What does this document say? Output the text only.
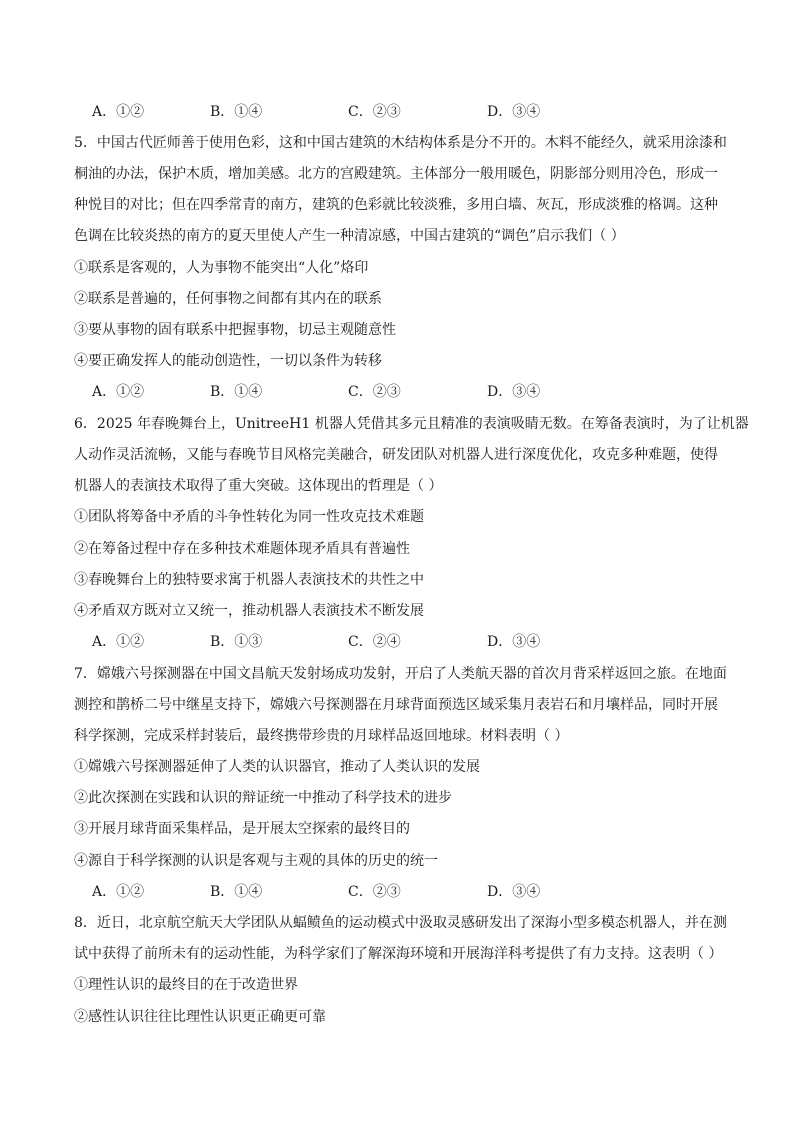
A．①②	B．①④	C．②③	D．③④
5．中国古代匠师善于使用色彩，这和中国古建筑的木结构体系是分不开的。木料不能经久，就采用涂漆和
桐油的办法，保护木质，增加美感。北方的宫殿建筑。主体部分一般用暖色，阴影部分则用冷色，形成一
种悦目的对比；但在四季常青的南方，建筑的色彩就比较淡雅，多用白墙、灰瓦，形成淡雅的格调。这种
色调在比较炎热的南方的夏天里使人产生一种清凉感，中国古建筑的“调色”启示我们（ ）
①联系是客观的，人为事物不能突出“人化”烙印
②联系是普遍的，任何事物之间都有其内在的联系
③要从事物的固有联系中把握事物，切忌主观随意性
④要正确发挥人的能动创造性，一切以条件为转移
A．①②	B．①④	C．②③	D．③④
6．2025 年春晚舞台上，UnitreeH1 机器人凭借其多元且精准的表演吸睛无数。在筹备表演时，为了让机器
人动作灵活流畅，又能与春晚节目风格完美融合，研发团队对机器人进行深度优化，攻克多种难题，使得
机器人的表演技术取得了重大突破。这体现出的哲理是（ ）
①团队将筹备中矛盾的斗争性转化为同一性攻克技术难题
②在筹备过程中存在多种技术难题体现矛盾具有普遍性
③春晚舞台上的独特要求寓于机器人表演技术的共性之中
④矛盾双方既对立又统一，推动机器人表演技术不断发展
A．①②	B．①③	C．②④	D．③④
7．嫦娥六号探测器在中国文昌航天发射场成功发射，开启了人类航天器的首次月背采样返回之旅。在地面
测控和鹊桥二号中继星支持下，嫦娥六号探测器在月球背面预选区域采集月表岩石和月壤样品，同时开展
科学探测，完成采样封装后，最终携带珍贵的月球样品返回地球。材料表明（ ）
①嫦娥六号探测器延伸了人类的认识器官，推动了人类认识的发展
②此次探测在实践和认识的辩证统一中推动了科学技术的进步
③开展月球背面采集样品，是开展太空探索的最终目的
④源自于科学探测的认识是客观与主观的具体的历史的统一
A．①②	B．①④	C．②③	D．③④
8．近日，北京航空航天大学团队从蝠鲼鱼的运动模式中汲取灵感研发出了深海小型多模态机器人，并在测
试中获得了前所未有的运动性能，为科学家们了解深海环境和开展海洋科考提供了有力支持。这表明（ ）
①理性认识的最终目的在于改造世界
②感性认识往往比理性认识更正确更可靠
